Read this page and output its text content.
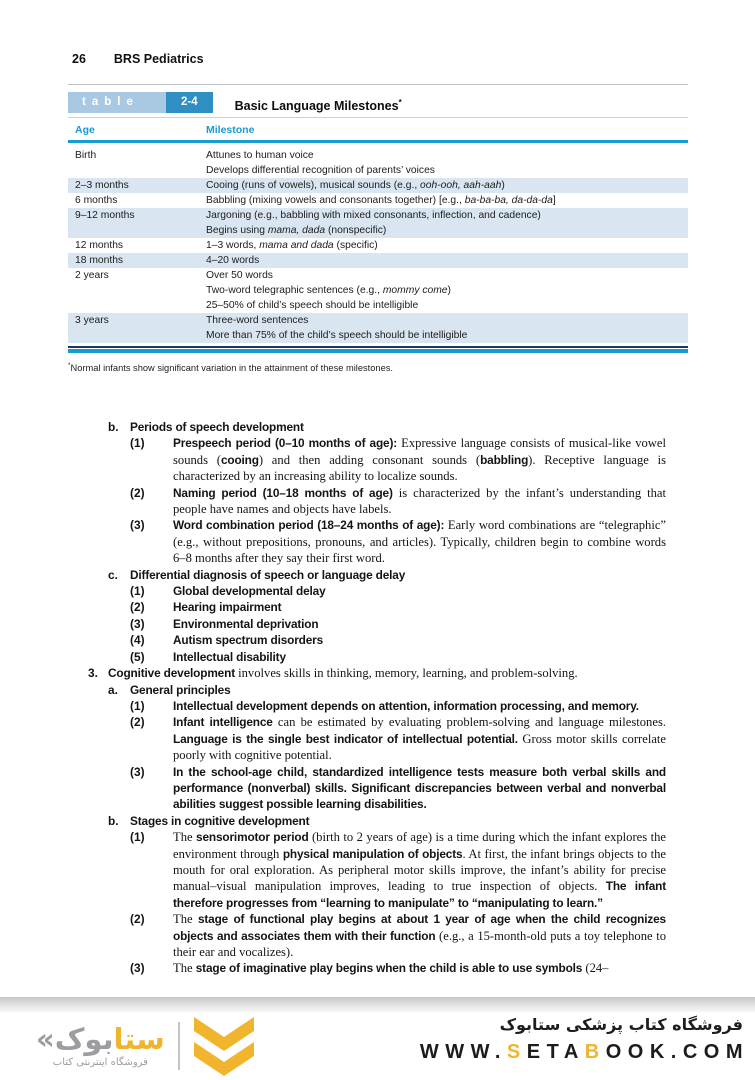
26 BRS Pediatrics
table	2-4	Basic Language Milestones*
Age	Milestone
Birth	Attunes to human voice
Develops differential recognition of parents’ voices
2–3 months	Cooing (runs of vowels), musical sounds (e.g., ooh-ooh, aah-aah)
6 months	Babbling (mixing vowels and consonants together) [e.g., ba-ba-ba, da-da-da]
9–12 months	Jargoning (e.g., babbling with mixed consonants, inflection, and cadence)
Begins using mama, dada (nonspecific)
12 months	1–3 words, mama and dada (specific)
18 months	4–20 words
2 years	Over 50 words
Two-word telegraphic sentences (e.g., mommy come)
25–50% of child’s speech should be intelligible
3 years	Three-word sentences
More than 75% of the child’s speech should be intelligible
*Normal infants show significant variation in the attainment of these milestones.
b. Periods of speech development
(1)	Prespeech period (0–10 months of age): Expressive language consists of musical-like vowel sounds (cooing) and then adding consonant sounds (babbling). Receptive language is characterized by an increasing ability to localize sounds.
(2)	Naming period (10–18 months of age) is characterized by the infant’s understanding that people have names and objects have labels.
(3)	Word combination period (18–24 months of age): Early word combinations are “telegraphic” (e.g., without prepositions, pronouns, and articles). Typically, children begin to combine words 6–8 months after they say their first word.
c.	Differential diagnosis of speech or language delay
(1)	Global developmental delay
(2)	Hearing impairment
(3)	Environmental deprivation
(4)	Autism spectrum disorders
(5)	Intellectual disability
3. Cognitive development involves skills in thinking, memory, learning, and problem-solving.
a.	General principles
(1)	Intellectual development depends on attention, information processing, and memory.
(2)	Infant intelligence can be estimated by evaluating problem-solving and language milestones. Language is the single best indicator of intellectual potential. Gross motor skills correlate poorly with cognitive potential.
(3)	In the school-age child, standardized intelligence tests measure both verbal skills and performance (nonverbal) skills. Significant discrepancies between verbal and nonverbal abilities suggest possible learning disabilities.
b. Stages in cognitive development
(1)	The sensorimotor period (birth to 2 years of age) is a time during which the infant explores the environment through physical manipulation of objects. At first, the infant brings objects to the mouth for oral exploration. As peripheral motor skills improve, the infant’s ability for precise manual–visual manipulation improves, leading to true inspection of objects. The infant therefore progresses from “learning to manipulate” to “manipulating to learn.”
(2)	The stage of functional play begins at about 1 year of age when the child recognizes objects and associates them with their function (e.g., a 15-month-old puts a toy telephone to their ear and vocalizes).
(3)	The stage of imaginative play begins when the child is able to use symbols (24–
ستابوک«
فروشگاه اینترنتی کتاب
فروشگاه کتاب پزشکی ستابوک
WWW.SETABOOK.COM
